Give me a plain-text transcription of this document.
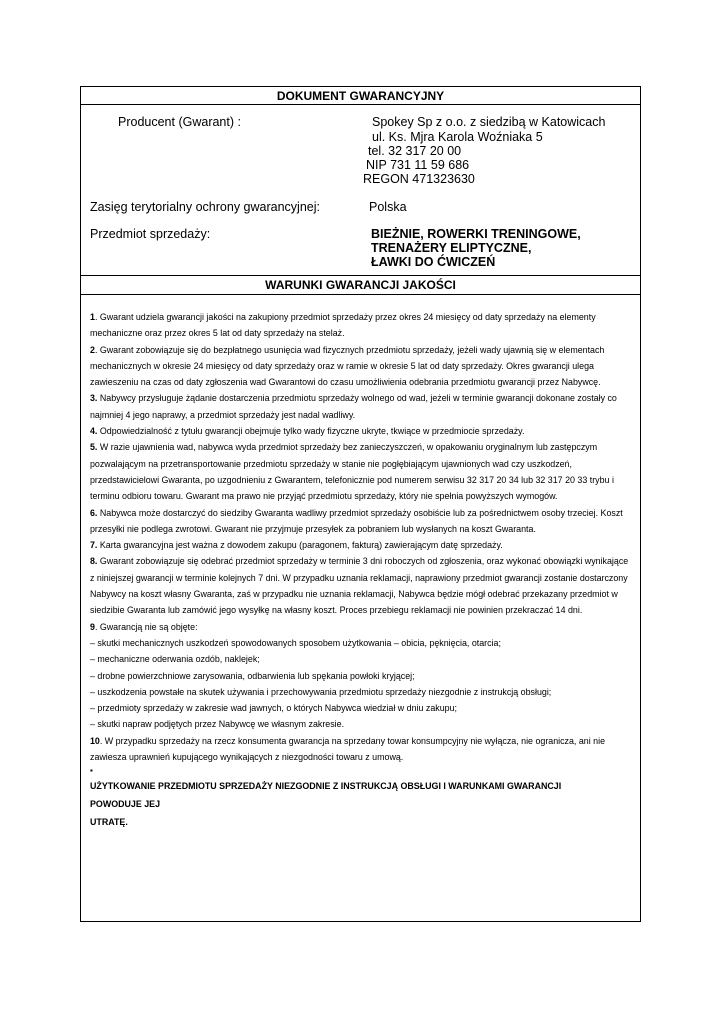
DOKUMENT GWARANCYJNY
Producent (Gwarant) :	Spokey Sp z o.o. z siedzibą w Katowicach
ul. Ks. Mjra Karola Woźniaka 5
tel. 32 317 20 00
NIP 731 11 59 686
REGON 471323630
Zasięg terytorialny ochrony gwarancyjnej:	Polska
Przedmiot sprzedaży:	BIEŻNIE, ROWERKI TRENINGOWE,
TRENAŻERY ELIPTYCZNE,
ŁAWKI DO ĆWICZEŃ
WARUNKI GWARANCJI JAKOŚCI

1. Gwarant udziela gwarancji jakości na zakupiony przedmiot sprzedaży przez okres 24 miesięcy od daty sprzedaży na elementy mechaniczne oraz przez okres 5 lat od daty sprzedaży na stelaż.

2. Gwarant zobowiązuje się do bezpłatnego usunięcia wad fizycznych przedmiotu sprzedaży, jeżeli wady ujawnią się w elementach mechanicznych w okresie 24 miesięcy od daty sprzedaży oraz w ramie w okresie 5 lat od daty sprzedaży. Okres gwarancji ulega zawieszeniu na czas od daty zgłoszenia wad Gwarantowi do czasu umożliwienia odebrania przedmiotu gwarancji przez Nabywcę.

3. Nabywcy przysługuje żądanie dostarczenia przedmiotu sprzedaży wolnego od wad, jeżeli w terminie gwarancji dokonane zostały co najmniej 4 jego naprawy, a przedmiot sprzedaży jest nadal wadliwy.

4. Odpowiedzialność z tytułu gwarancji obejmuje tylko wady fizyczne ukryte, tkwiące w przedmiocie sprzedaży.

5. W razie ujawnienia wad, nabywca wyda przedmiot sprzedaży bez zanieczyszczeń, w opakowaniu oryginalnym lub zastępczym pozwalającym na przetransportowanie przedmiotu sprzedaży w stanie nie pogłębiającym ujawnionych wad czy uszkodzeń, przedstawicielowi Gwaranta, po uzgodnieniu z Gwarantem, telefonicznie pod numerem serwisu 32 317 20 34 lub 32 317 20 33 trybu i terminu odbioru towaru. Gwarant ma prawo nie przyjąć przedmiotu sprzedaży, który nie spełnia powyższych wymogów.

6. Nabywca może dostarczyć do siedziby Gwaranta wadliwy przedmiot sprzedaży osobiście lub za pośrednictwem osoby trzeciej. Koszt przesyłki nie podlega zwrotowi. Gwarant nie przyjmuje przesyłek za pobraniem lub wysłanych na koszt Gwaranta.

7. Karta gwarancyjna jest ważna z dowodem zakupu (paragonem, fakturą) zawierającym datę sprzedaży.

8. Gwarant zobowiązuje się odebrać przedmiot sprzedaży w terminie 3 dni roboczych od zgłoszenia, oraz wykonać obowiązki wynikające z niniejszej gwarancji w terminie kolejnych 7 dni. W przypadku uznania reklamacji, naprawiony przedmiot gwarancji zostanie dostarczony Nabywcy na koszt własny Gwaranta, zaś w przypadku nie uznania reklamacji, Nabywca będzie mógł odebrać przekazany przedmiot w siedzibie Gwaranta lub zamówić jego wysyłkę na własny koszt. Proces przebiegu reklamacji nie powinien przekraczać 14 dni.

9. Gwarancją nie są objęte:

– skutki mechanicznych uszkodzeń spowodowanych sposobem użytkowania – obicia, pęknięcia, otarcia;

– mechaniczne oderwania ozdób, naklejek;

– drobne powierzchniowe zarysowania, odbarwienia lub spękania powłoki kryjącej;

– uszkodzenia powstałe na skutek używania i przechowywania przedmiotu sprzedaży niezgodnie z instrukcją obsługi;

– przedmioty sprzedaży w zakresie wad jawnych, o których Nabywca wiedział w dniu zakupu;

– skutki napraw podjętych przez Nabywcę we własnym zakresie.

10. W przypadku sprzedaży na rzecz konsumenta gwarancja na sprzedany towar konsumpcyjny nie wyłącza, nie ogranicza, ani nie zawiesza uprawnień kupującego wynikających z niezgodności towaru z umową.

▪

UŻYTKOWANIE PRZEDMIOTU SPRZEDAŻY NIEZGODNIE Z INSTRUKCJĄ OBSŁUGI I WARUNKAMI GWARANCJI

POWODUJE JEJ

UTRATĘ.
